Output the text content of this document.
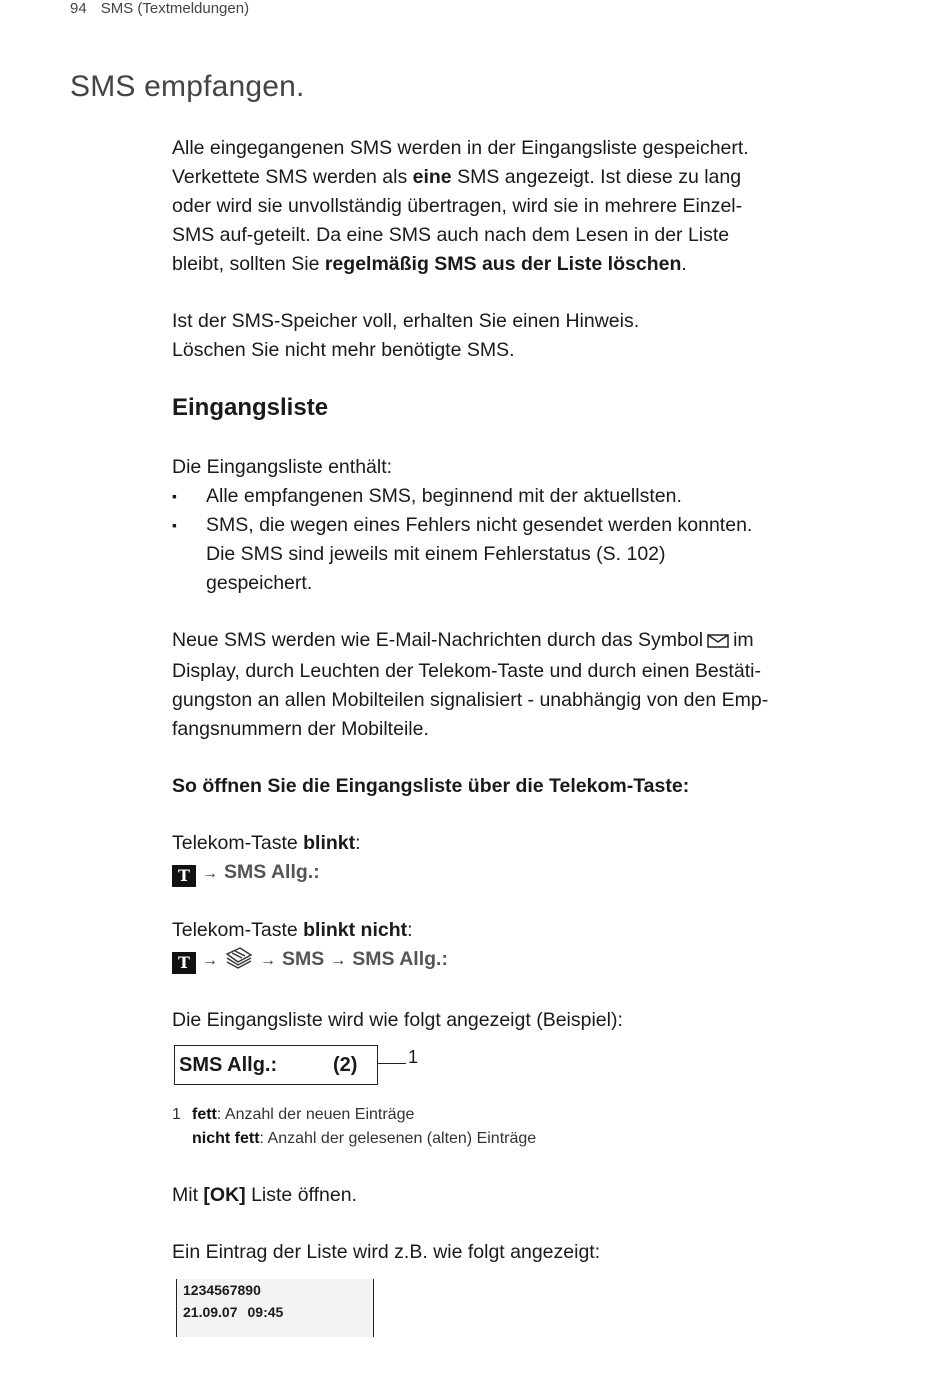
94 SMS (Textmeldungen)
SMS empfangen.

Alle eingegangenen SMS werden in der Eingangsliste gespeichert. Verkettete SMS werden als eine SMS angezeigt. Ist diese zu lang oder wird sie unvollständig übertragen, wird sie in mehrere Einzel-SMS auf-geteilt. Da eine SMS auch nach dem Lesen in der Liste bleibt, sollten Sie regelmäßig SMS aus der Liste löschen.

Ist der SMS-Speicher voll, erhalten Sie einen Hinweis.
Löschen Sie nicht mehr benötigte SMS.

Eingangsliste

Die Eingangsliste enthält:

▪ Alle empfangenen SMS, beginnend mit der aktuellsten.
▪ SMS, die wegen eines Fehlers nicht gesendet werden konnten. Die SMS sind jeweils mit einem Fehlerstatus (S. 102) gespeichert.

Neue SMS werden wie E-Mail-Nachrichten durch das Symbol im Display, durch Leuchten der Telekom-Taste und durch einen Bestäti-gungston an allen Mobilteilen signalisiert - unabhängig von den Emp-fangsnummern der Mobilteile.

So öffnen Sie die Eingangsliste über die Telekom-Taste:

Telekom-Taste blinkt:
T → SMS Allg.:

Telekom-Taste blinkt nicht:
T →	→ SMS → SMS Allg.:

Die Eingangsliste wird wie folgt angezeigt (Beispiel):

SMS Allg.:	(2)	1
1 fett: Anzahl der neuen Einträge
nicht fett: Anzahl der gelesenen (alten) Einträge

Mit [OK] Liste öffnen.

Ein Eintrag der Liste wird z.B. wie folgt angezeigt:

1234567890
21.09.07 09:45
